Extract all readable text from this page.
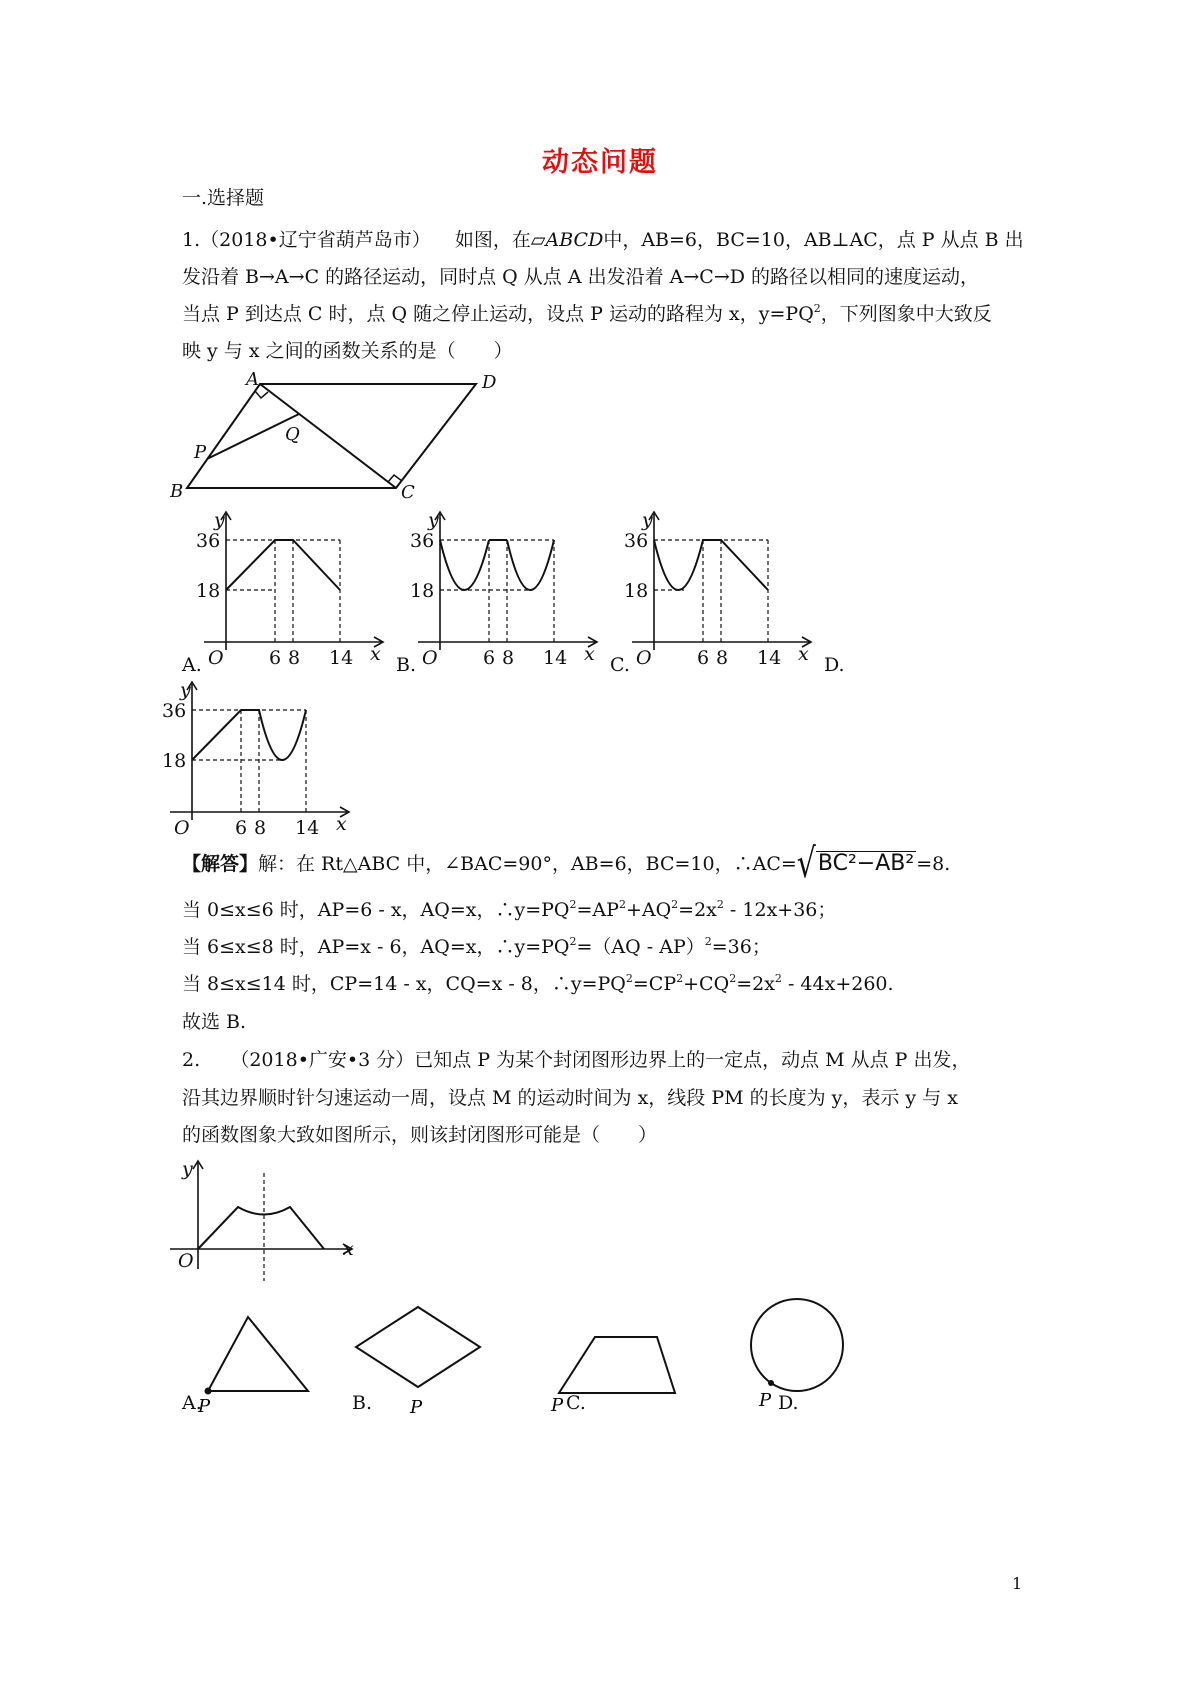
动态问题
一.选择题
1.（2018•辽宁省葫芦岛市） 如图，在▱ABCD中，AB=6，BC=10，AB⊥AC，点 P 从点 B 出
发沿着 B→A→C 的路径运动，同时点 Q 从点 A 出发沿着 A→C→D 的路径以相同的速度运动，
当点 P 到达点 C 时，点 Q 随之停止运动，设点 P 运动的路程为 x，$y=PQ^2$，下列图象中大致反
映 y 与 x 之间的函数关系的是（　　）
A	D
P
Q
B	C
36
18
6 8 14
O
y
x
36
18
6 8 14
O
y
x
36
18
6 8 14
O
y
x
36
18
6 8 14
O
y
x
A.	B.	C.	D.
【解答】解：在 Rt△ABC 中，∠BAC=90°，AB=6，BC=10，∴AC=√BC²−AB² =8.
当 0≤x≤6 时，AP=6 - x，AQ=x，$\therefore y=PQ^2=AP^2+AQ^2=2x^2 - 12x+36$；
当 6≤x≤8 时，AP=x - 6，AQ=x，$\therefore y=PQ^2=(AQ - AP)^2=36$；
当 8≤x≤14 时，CP=14 - x，CQ=x - 8，$\therefore y=PQ^2=CP^2+CQ^2=2x^2 - 44x+260$.
故选 B.
2. （2018•广安•3 分）已知点 P 为某个封闭图形边界上的一定点，动点 M 从点 P 出发，
沿其边界顺时针匀速运动一周，设点 M 的运动时间为 x，线段 PM 的长度为 y，表示 y 与 x
的函数图象大致如图所示，则该封闭图形可能是（　　）
O
y
x
P	P	P	P
A.	B.	C.	D.
1
